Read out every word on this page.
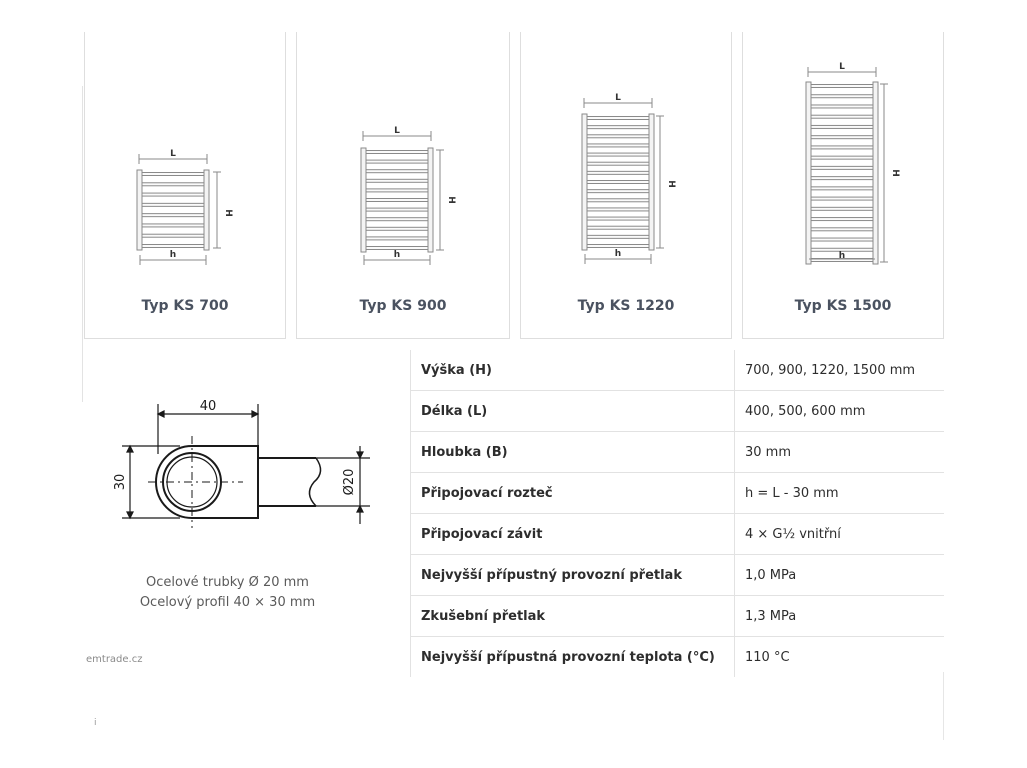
L
H
h
Typ KS 700
L
H
h
Typ KS 900
L
H
h
Typ KS 1220
L
H
h
Typ KS 1500
40
30	Ø20
Ocelové trubky Ø 20 mm
Ocelový profil 40 × 30 mm
emtrade.cz
ⅰ
Výška (H)	700, 900, 1220, 1500 mm
Délka (L)	400, 500, 600 mm
Hloubka (B)	30 mm
Připojovací rozteč	h = L - 30 mm
Připojovací závit	4 × G½ vnitřní
Nejvyšší přípustný provozní přetlak	1,0 MPa
Zkušební přetlak	1,3 MPa
Nejvyšší přípustná provozní teplota (°C)	110 °C
